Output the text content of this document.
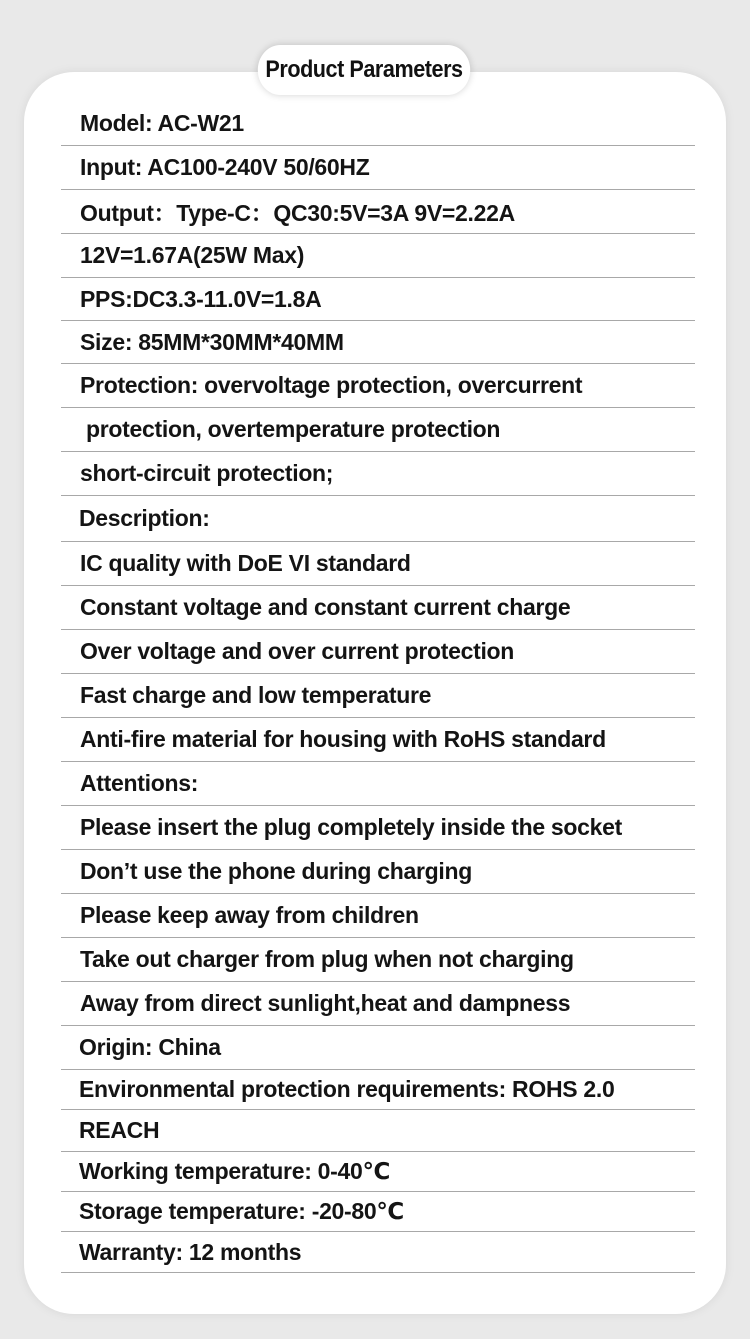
Product Parameters
Model: AC-W21
Input: AC100-240V 50/60HZ
Output：Type-C：QC30:5V=3A 9V=2.22A
12V=1.67A(25W Max)
PPS:DC3.3-11.0V=1.8A
Size: 85MM*30MM*40MM
Protection: overvoltage protection, overcurrent
protection, overtemperature protection
short-circuit protection;
Description:
IC quality with DoE VI standard
Constant voltage and constant current charge
Over voltage and over current protection
Fast charge and low temperature
Anti-fire material for housing with RoHS standard
Attentions:
Please insert the plug completely inside the socket
Don’t use the phone during charging
Please keep away from children
Take out charger from plug when not charging
Away from direct sunlight,heat and dampness
Origin: China
Environmental protection requirements: ROHS 2.0
REACH
Working temperature: 0-40℃
Storage temperature: -20-80℃
Warranty: 12 months
